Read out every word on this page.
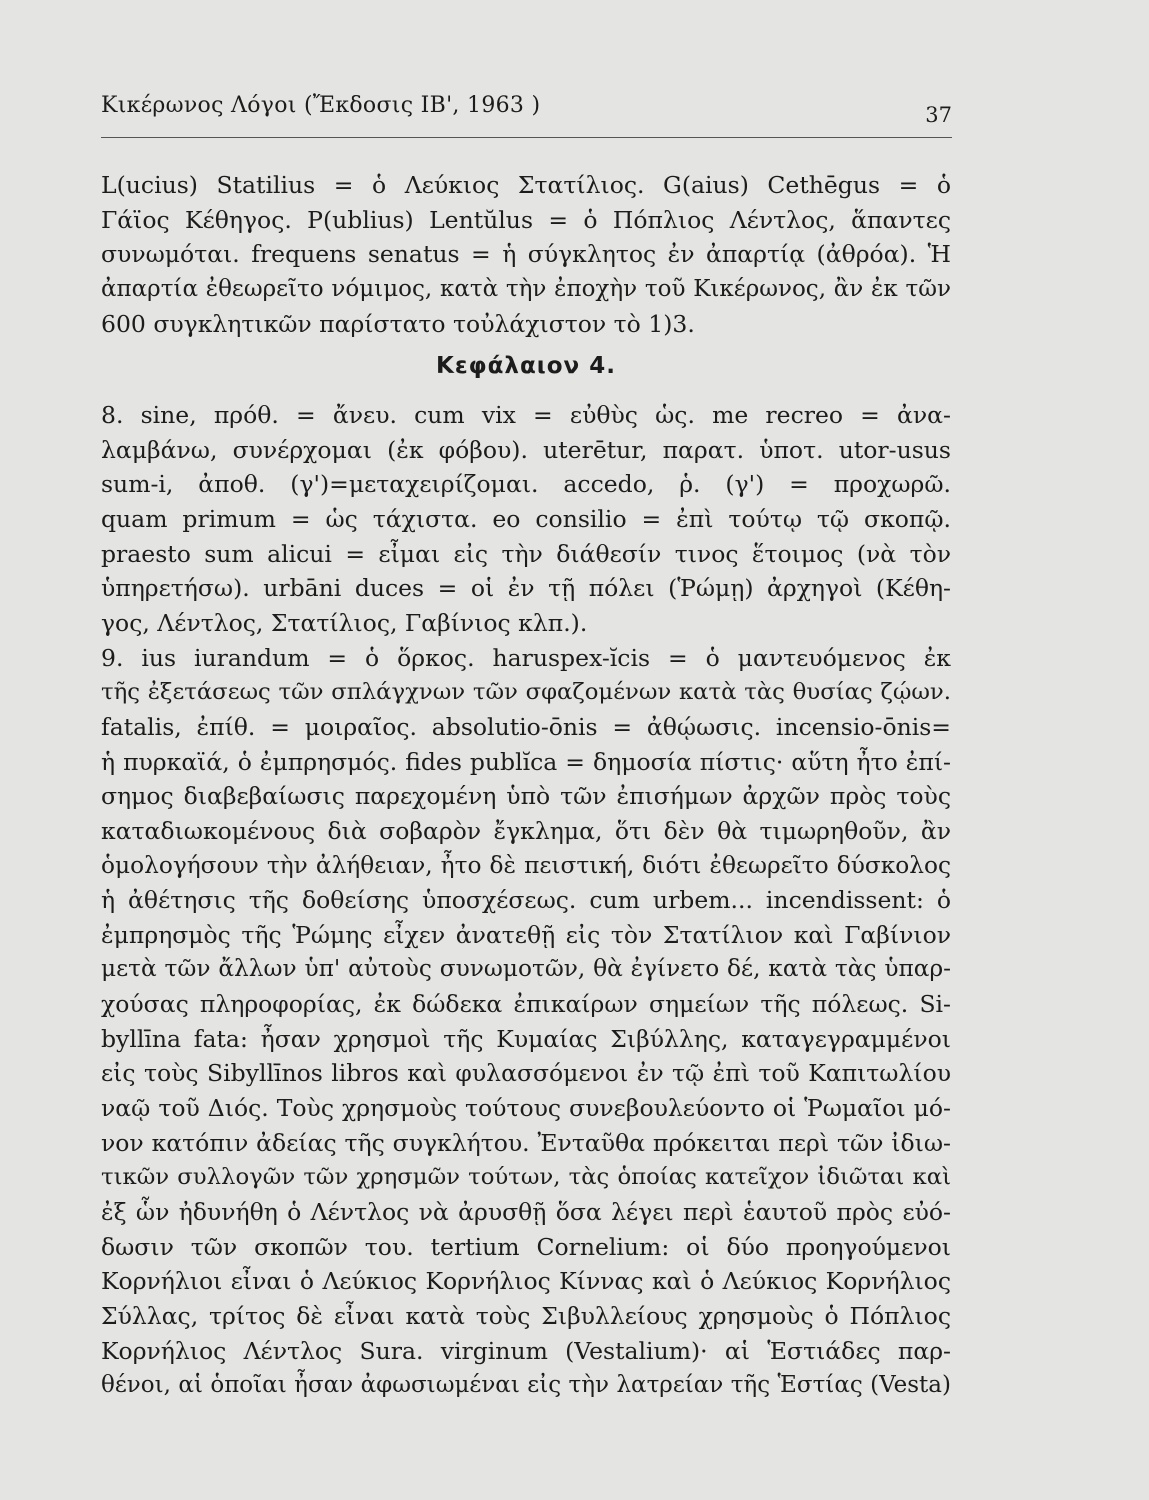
Κικέρωνος Λόγοι (Ἔκδοσις ΙΒ', 1963 )	37
L(ucius) Statilius = ὁ Λεύκιος Στατίλιος. G(aius) Cethēgus = ὁ
Γάϊος Κέθηγος. P(ublius) Lentŭlus = ὁ Πόπλιος Λέντλος, ἅπαντες
συνωμόται. frequens senatus = ἡ σύγκλητος ἐν ἀπαρτίᾳ (ἀθρόα). Ἡ
ἀπαρτία ἐθεωρεῖτο νόμιμος, κατὰ τὴν ἐποχὴν τοῦ Κικέρωνος, ἂν ἐκ τῶν
600 συγκλητικῶν παρίστατο τοὐλάχιστον τὸ 1)3.
Κεφάλαιον 4.
8. sine, πρόθ. = ἄνευ. cum vix = εὐθὺς ὡς. me recreo = ἀνα-
λαμβάνω, συνέρχομαι (ἐκ φόβου). uterētur, παρατ. ὑποτ. utor-usus
sum-i, ἀποθ. (γ')=μεταχειρίζομαι. accedo, ῥ. (γ') = προχωρῶ.
quam primum = ὡς τάχιστα. eo consilio = ἐπὶ τούτῳ τῷ σκοπῷ.
praesto sum alicui = εἶμαι εἰς τὴν διάθεσίν τινος ἕτοιμος (νὰ τὸν
ὑπηρετήσω). urbāni duces = οἱ ἐν τῇ πόλει (Ῥώμῃ) ἀρχηγοὶ (Κέθη-
γος, Λέντλος, Στατίλιος, Γαβίνιος κλπ.).
9. ius iurandum = ὁ ὅρκος. haruspex-ĭcis = ὁ μαντευόμενος ἐκ
τῆς ἐξετάσεως τῶν σπλάγχνων τῶν σφαζομένων κατὰ τὰς θυσίας ζῴων.
fatalis, ἐπίθ. = μοιραῖος. absolutio-ōnis = ἀθῴωσις. incensio-ōnis=
ἡ πυρκαϊά, ὁ ἐμπρησμός. fides publĭca = δημοσία πίστις· αὕτη ἦτο ἐπί-
σημος διαβεβαίωσις παρεχομένη ὑπὸ τῶν ἐπισήμων ἀρχῶν πρὸς τοὺς
καταδιωκομένους διὰ σοβαρὸν ἔγκλημα, ὅτι δὲν θὰ τιμωρηθοῦν, ἂν
ὁμολογήσουν τὴν ἀλήθειαν, ἦτο δὲ πειστική, διότι ἐθεωρεῖτο δύσκολος
ἡ ἀθέτησις τῆς δοθείσης ὑποσχέσεως. cum urbem... incendissent: ὁ
ἐμπρησμὸς τῆς Ῥώμης εἶχεν ἀνατεθῇ εἰς τὸν Στατίλιον καὶ Γαβίνιον
μετὰ τῶν ἄλλων ὑπ' αὐτοὺς συνωμοτῶν, θὰ ἐγίνετο δέ, κατὰ τὰς ὑπαρ-
χούσας πληροφορίας, ἐκ δώδεκα ἐπικαίρων σημείων τῆς πόλεως. Si-
byllīna fata: ἦσαν χρησμοὶ τῆς Κυμαίας Σιβύλλης, καταγεγραμμένοι
εἰς τοὺς Sibyllīnos libros καὶ φυλασσόμενοι ἐν τῷ ἐπὶ τοῦ Καπιτωλίου
ναῷ τοῦ Διός. Τοὺς χρησμοὺς τούτους συνεβουλεύοντο οἱ Ῥωμαῖοι μό-
νον κατόπιν ἀδείας τῆς συγκλήτου. Ἐνταῦθα πρόκειται περὶ τῶν ἰδιω-
τικῶν συλλογῶν τῶν χρησμῶν τούτων, τὰς ὁποίας κατεῖχον ἰδιῶται καὶ
ἐξ ὧν ἠδυνήθη ὁ Λέντλος νὰ ἀρυσθῇ ὅσα λέγει περὶ ἑαυτοῦ πρὸς εὐό-
δωσιν τῶν σκοπῶν του. tertium Cornelium: οἱ δύο προηγούμενοι
Κορνήλιοι εἶναι ὁ Λεύκιος Κορνήλιος Κίννας καὶ ὁ Λεύκιος Κορνήλιος
Σύλλας, τρίτος δὲ εἶναι κατὰ τοὺς Σιβυλλείους χρησμοὺς ὁ Πόπλιος
Κορνήλιος Λέντλος Sura. virginum (Vestalium)· αἱ Ἑστιάδες παρ-
θένοι, αἱ ὁποῖαι ἦσαν ἀφωσιωμέναι εἰς τὴν λατρείαν τῆς Ἑστίας (Vesta)
